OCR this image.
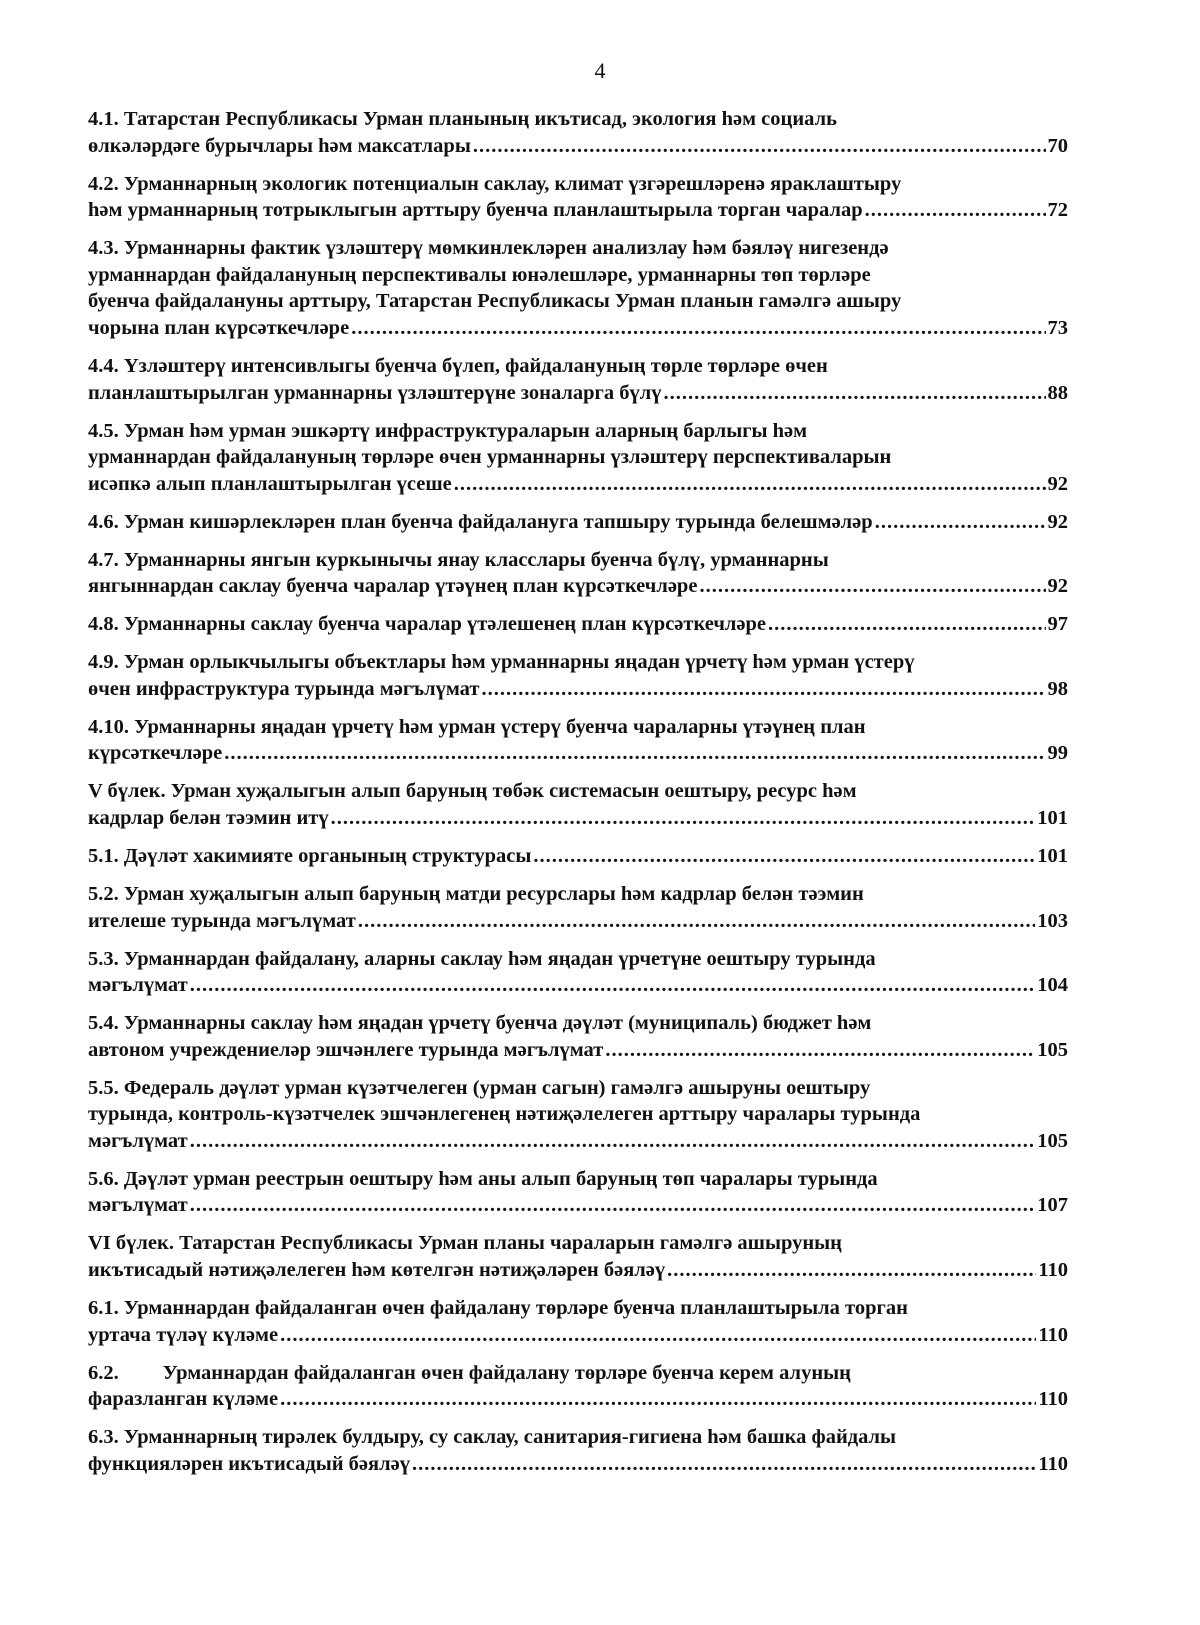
4
4.1. Татарстан Республикасы Урман планының икътисад, экология һәм социаль
өлкәләрдәге бурычлары һәм максатлары .....	70
4.2. Урманнарның экологик потенциалын саклау, климат үзгәрешләренә яраклаштыру
һәм урманнарның тотрыклыгын арттыру буенча планлаштырыла торган чаралар .....	72
4.3. Урманнарны фактик үзләштерү мөмкинлекләрен анализлау һәм бәяләү нигезендә
урманнардан файдалануның перспективалы юнәлешләре, урманнарны төп төрләре
буенча файдалануны арттыру, Татарстан Республикасы Урман планын гамәлгә ашыру
чорына план күрсәткечләре .....	73
4.4. Үзләштерү интенсивлыгы буенча бүлеп, файдалануның төрле төрләре өчен
планлаштырылган урманнарны үзләштерүне зоналарга бүлү .....	88
4.5. Урман һәм урман эшкәртү инфраструктураларын аларның барлыгы һәм
урманнардан файдалануның төрләре өчен урманнарны үзләштерү перспективаларын
исәпкә алып планлаштырылган үсеше .....	92
4.6. Урман кишәрлекләрен план буенча файдалануга тапшыру турында белешмәләр .....	92
4.7. Урманнарны янгын куркынычы янау класслары буенча бүлү, урманнарны
янгыннардан саклау буенча чаралар үтәүнең план күрсәткечләре .....	92
4.8. Урманнарны саклау буенча чаралар үтәлешенең план күрсәткечләре .....	97
4.9. Урман орлыкчылыгы объектлары һәм урманнарны яңадан үрчетү һәм урман үстерү
өчен инфраструктура турында мәгълүмат .....	98
4.10. Урманнарны яңадан үрчетү һәм урман үстерү буенча чараларны үтәүнең план
күрсәткечләре .....	99
V бүлек. Урман хуҗалыгын алып баруның төбәк системасын оештыру, ресурс һәм
кадрлар белән тәэмин итү .....	101
5.1. Дәүләт хакимияте органының структурасы .....	101
5.2. Урман хуҗалыгын алып баруның матди ресурслары һәм кадрлар белән тәэмин
ителеше турында мәгълүмат .....	103
5.3. Урманнардан файдалану, аларны саклау һәм яңадан үрчетүне оештыру турында
мәгълүмат .....	104
5.4. Урманнарны саклау һәм яңадан үрчетү буенча дәүләт (муниципаль) бюджет һәм
автоном учреждениеләр эшчәнлеге турында мәгълүмат .....	105
5.5. Федераль дәүләт урман күзәтчелеген (урман сагын) гамәлгә ашыруны оештыру
турында, контроль-күзәтчелек эшчәнлегенең нәтиҗәлелеген арттыру чаралары турында
мәгълүмат .....	105
5.6. Дәүләт урман реестрын оештыру һәм аны алып баруның төп чаралары турында
мәгълүмат .....	107
VI бүлек. Татарстан Республикасы Урман планы чараларын гамәлгә ашыруның
икътисадый нәтиҗәлелеген һәм көтелгән нәтиҗәләрен бәяләү .....	110
6.1. Урманнардан файдаланган өчен файдалану төрләре буенча планлаштырыла торган
уртача түләү күләме .....	110
6.2. Урманнардан файдаланган өчен файдалану төрләре буенча керем алуның
фаразланган күләме .....	110
6.3. Урманнарның тирәлек булдыру, су саклау, санитария-гигиена һәм башка файдалы
функцияләрен икътисадый бәяләү .....	110
